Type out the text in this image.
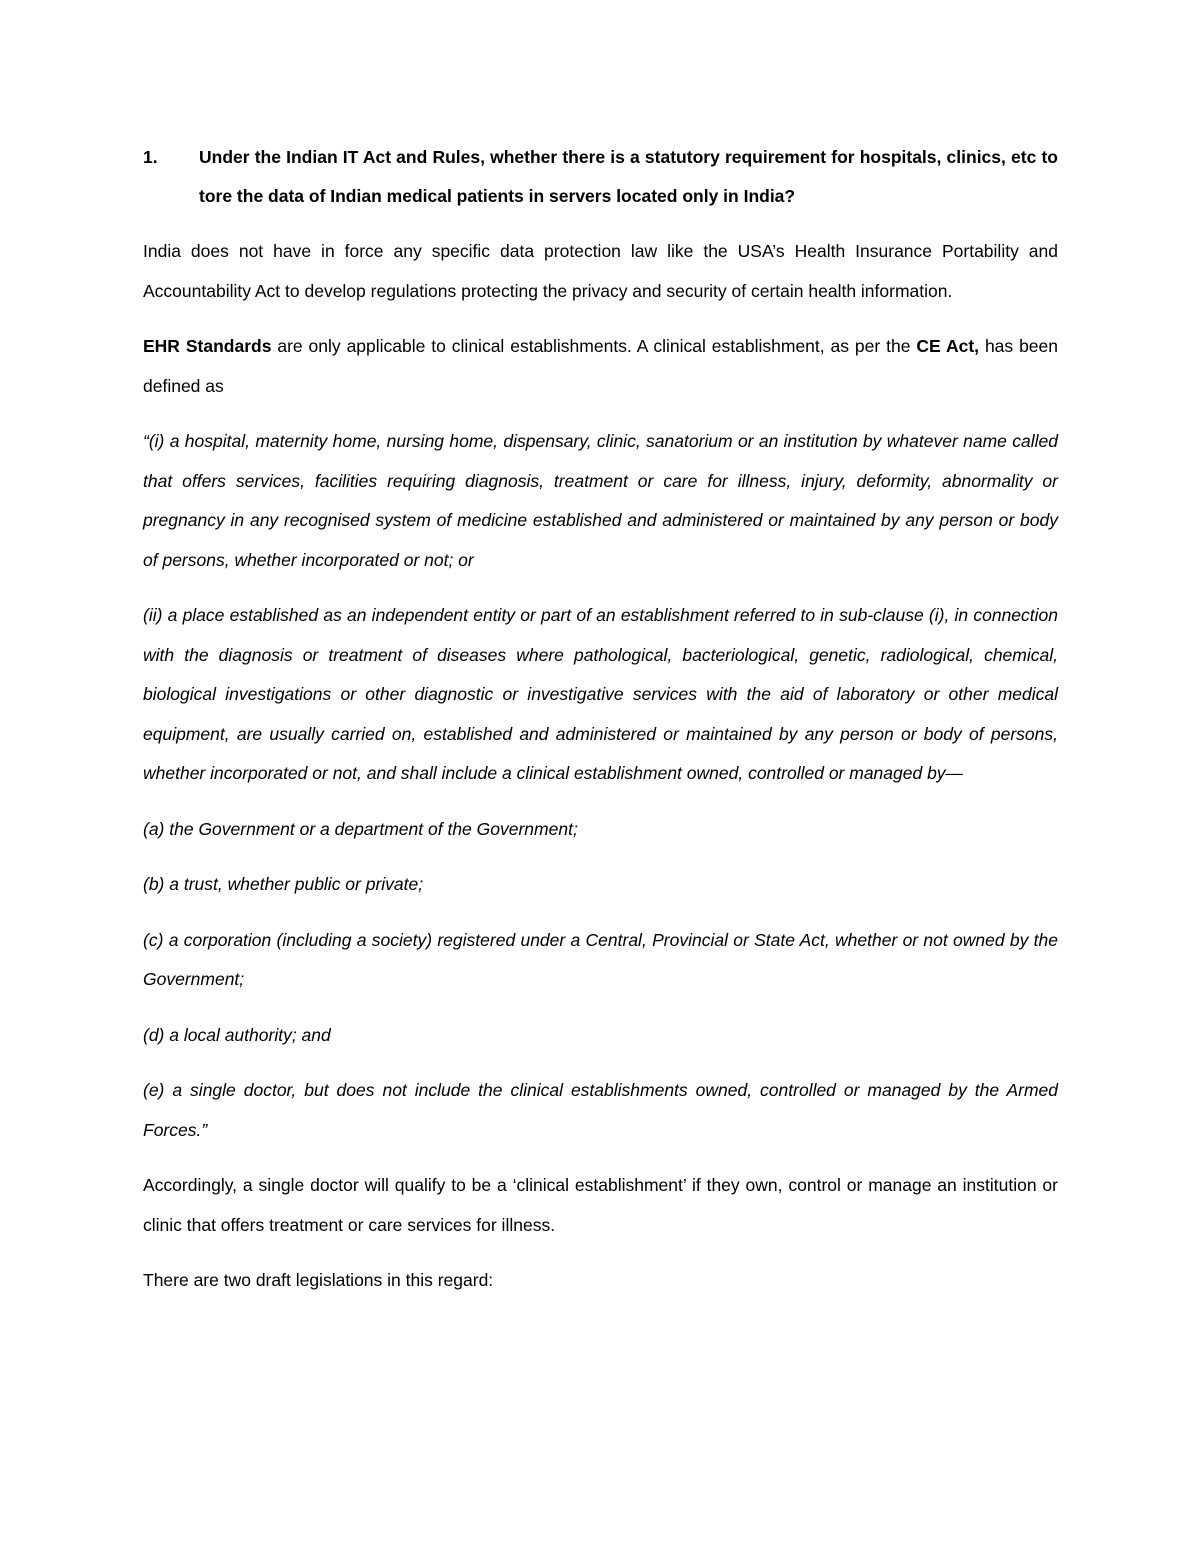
1.	Under the Indian IT Act and Rules, whether there is a statutory requirement for hospitals, clinics, etc to tore the data of Indian medical patients in servers located only in India?

India does not have in force any specific data protection law like the USA’s Health Insurance Portability and Accountability Act to develop regulations protecting the privacy and security of certain health information.

EHR Standards are only applicable to clinical establishments. A clinical establishment, as per the CE Act, has been defined as

“(i) a hospital, maternity home, nursing home, dispensary, clinic, sanatorium or an institution by whatever name called that offers services, facilities requiring diagnosis, treatment or care for illness, injury, deformity, abnormality or pregnancy in any recognised system of medicine established and administered or maintained by any person or body of persons, whether incorporated or not; or

(ii) a place established as an independent entity or part of an establishment referred to in sub-clause (i), in connection with the diagnosis or treatment of diseases where pathological, bacteriological, genetic, radiological, chemical, biological investigations or other diagnostic or investigative services with the aid of laboratory or other medical equipment, are usually carried on, established and administered or maintained by any person or body of persons, whether incorporated or not, and shall include a clinical establishment owned, controlled or managed by—

(a) the Government or a department of the Government;

(b) a trust, whether public or private;

(c) a corporation (including a society) registered under a Central, Provincial or State Act, whether or not owned by the Government;

(d) a local authority; and

(e) a single doctor, but does not include the clinical establishments owned, controlled or managed by the Armed Forces.”

Accordingly, a single doctor will qualify to be a ‘clinical establishment’ if they own, control or manage an institution or clinic that offers treatment or care services for illness.

There are two draft legislations in this regard:
